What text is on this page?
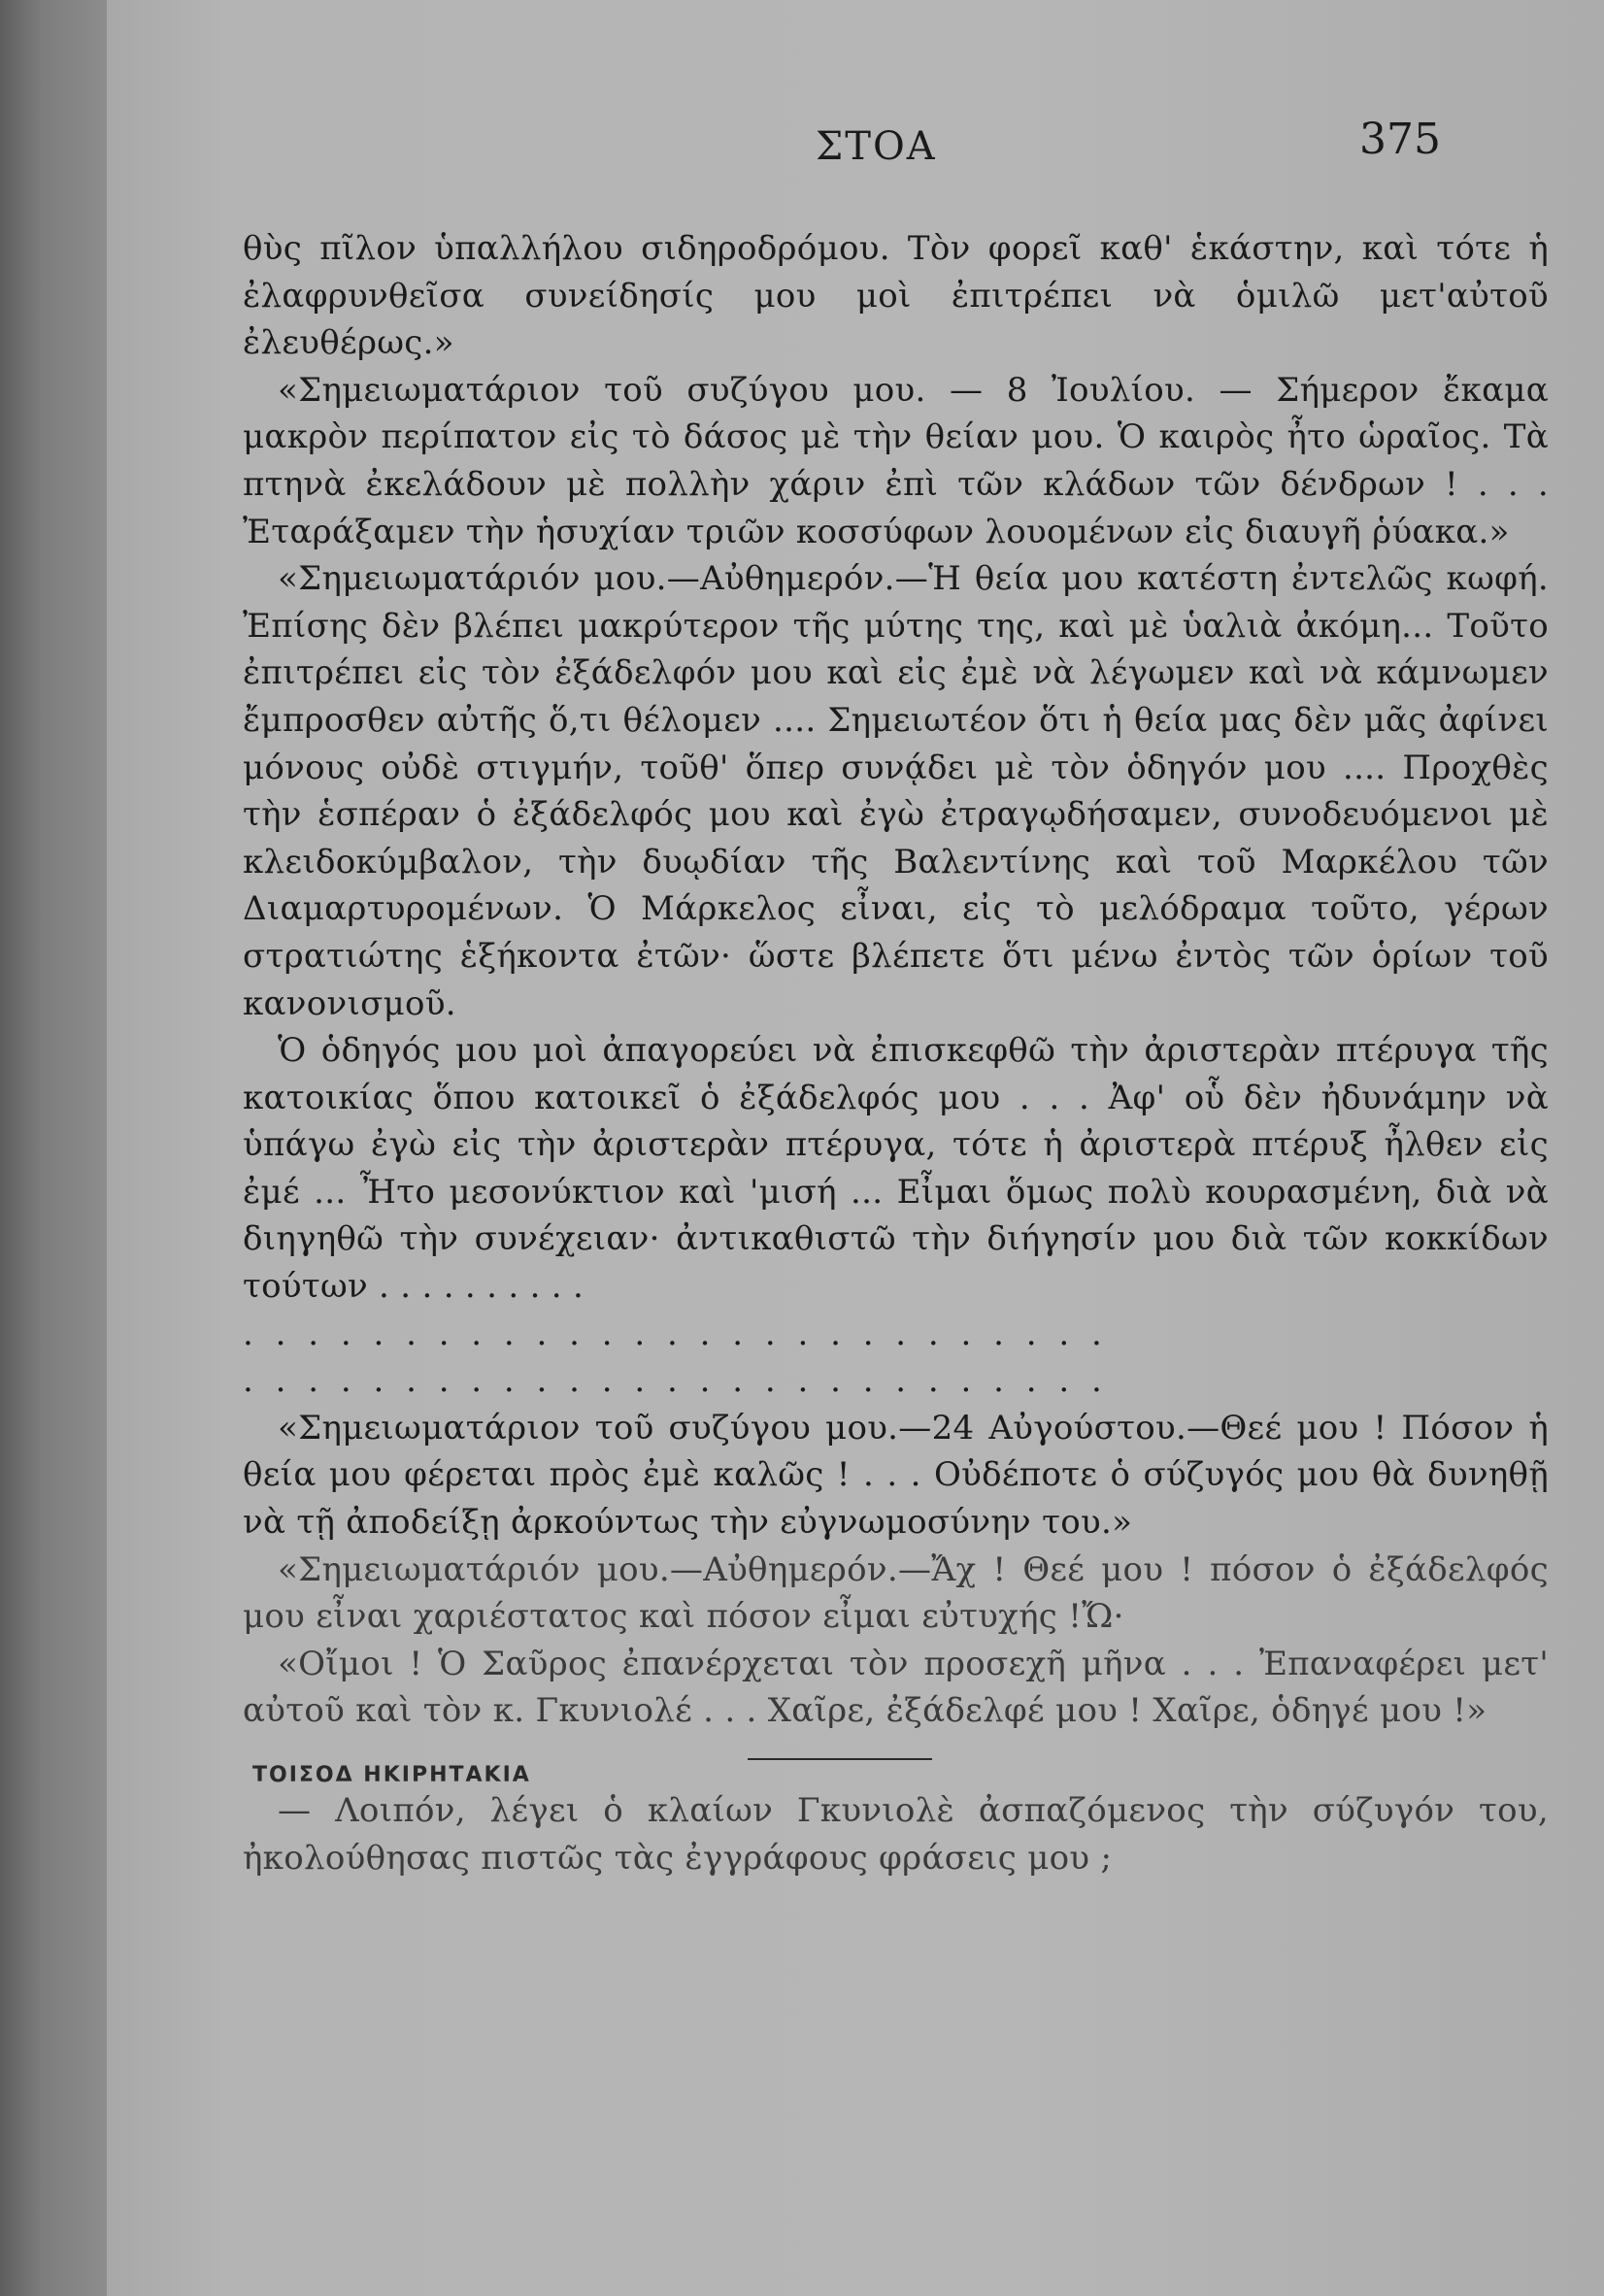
ΣΤΟΑ	375

θὺς πῖλον ὑπαλλήλου σιδηροδρόμου. Τὸν φορεῖ καθ' ἑκάστην, καὶ τότε ἡ ἐλαφρυνθεῖσα συνείδησίς μου μοὶ ἐπιτρέπει νὰ ὁμιλῶ μετ'αὐτοῦ ἐλευθέρως.»

«Σημειωματάριον τοῦ συζύγου μου. — 8 Ἰουλίου. — Σήμερον ἔκαμα μακρὸν περίπατον εἰς τὸ δάσος μὲ τὴν θείαν μου. Ὁ καιρὸς ἦτο ὡραῖος. Τὰ πτηνὰ ἐκελάδουν μὲ πολλὴν χάριν ἐπὶ τῶν κλάδων τῶν δένδρων ! . . . Ἐταράξαμεν τὴν ἡσυχίαν τριῶν κοσσύφων λουομένων εἰς διαυγῆ ῥύακα.»

«Σημειωματάριόν μου.—Αὐθημερόν.—Ἡ θεία μου κατέστη ἐντελῶς κωφή. Ἐπίσης δὲν βλέπει μακρύτερον τῆς μύτης της, καὶ μὲ ὑαλιὰ ἀκόμη... Τοῦτο ἐπιτρέπει εἰς τὸν ἐξάδελφόν μου καὶ εἰς ἐμὲ νὰ λέγωμεν καὶ νὰ κάμνωμεν ἔμπροσθεν αὐτῆς ὅ,τι θέλομεν .... Σημειωτέον ὅτι ἡ θεία μας δὲν μᾶς ἀφίνει μόνους οὐδὲ στιγμήν, τοῦθ' ὅπερ συνᾴδει μὲ τὸν ὁδηγόν μου .... Προχθὲς τὴν ἑσπέραν ὁ ἐξάδελφός μου καὶ ἐγὼ ἐτραγῳδήσαμεν, συνοδευόμενοι μὲ κλειδοκύμβαλον, τὴν δυῳδίαν τῆς Βαλεντίνης καὶ τοῦ Μαρκέλου τῶν Διαμαρτυρομένων. Ὁ Μάρκελος εἶναι, εἰς τὸ μελόδραμα τοῦτο, γέρων στρατιώτης ἑξήκοντα ἐτῶν· ὥστε βλέπετε ὅτι μένω ἐντὸς τῶν ὁρίων τοῦ κανονισμοῦ.

Ὁ ὁδηγός μου μοὶ ἀπαγορεύει νὰ ἐπισκεφθῶ τὴν ἀριστερὰν πτέρυγα τῆς κατοικίας ὅπου κατοικεῖ ὁ ἐξάδελφός μου . . . Ἀφ' οὗ δὲν ἠδυνάμην νὰ ὑπάγω ἐγὼ εἰς τὴν ἀριστερὰν πτέρυγα, τότε ἡ ἀριστερὰ πτέρυξ ἦλθεν εἰς ἐμέ ... Ἦτο μεσονύκτιον καὶ 'μισή ... Εἶμαι ὅμως πολὺ κουρασμένη, διὰ νὰ διηγηθῶ τὴν συνέχειαν· ἀντικαθιστῶ τὴν διήγησίν μου διὰ τῶν κοκκίδων τούτων . . . . . . . . . .

. . . . . . . . . . . . . . . . . . . . . . . . . . .

. . . . . . . . . . . . . . . . . . . . . . . . . . .

«Σημειωματάριον τοῦ συζύγου μου.—24 Αὐγούστου.—Θεέ μου ! Πόσον ἡ θεία μου φέρεται πρὸς ἐμὲ καλῶς ! . . . Οὐδέποτε ὁ σύζυγός μου θὰ δυνηθῇ νὰ τῇ ἀποδείξῃ ἀρκούντως τὴν εὐγνωμοσύνην του.»

«Σημειωματάριόν μου.—Αὐθημερόν.—Ἄχ ! Θεέ μου ! πόσον ὁ ἐξάδελφός μου εἶναι χαριέστατος καὶ πόσον εἶμαι εὐτυχής !Ὤ·

«Οἴμοι ! Ὁ Σαῦρος ἐπανέρχεται τὸν προσεχῆ μῆνα . . . Ἐπαναφέρει μετ' αὐτοῦ καὶ τὸν κ. Γκυνιολέ . . . Χαῖρε, ἐξάδελφέ μου ! Χαῖρε, ὁδηγέ μου !»

ΤΟΙΣΟΔ ΗΚΙΡΗΤΑΚΙΑ

— Λοιπόν, λέγει ὁ κλαίων Γκυνιολὲ ἀσπαζόμενος τὴν σύζυγόν του, ἠκολούθησας πιστῶς τὰς ἐγγράφους φράσεις μου ;
